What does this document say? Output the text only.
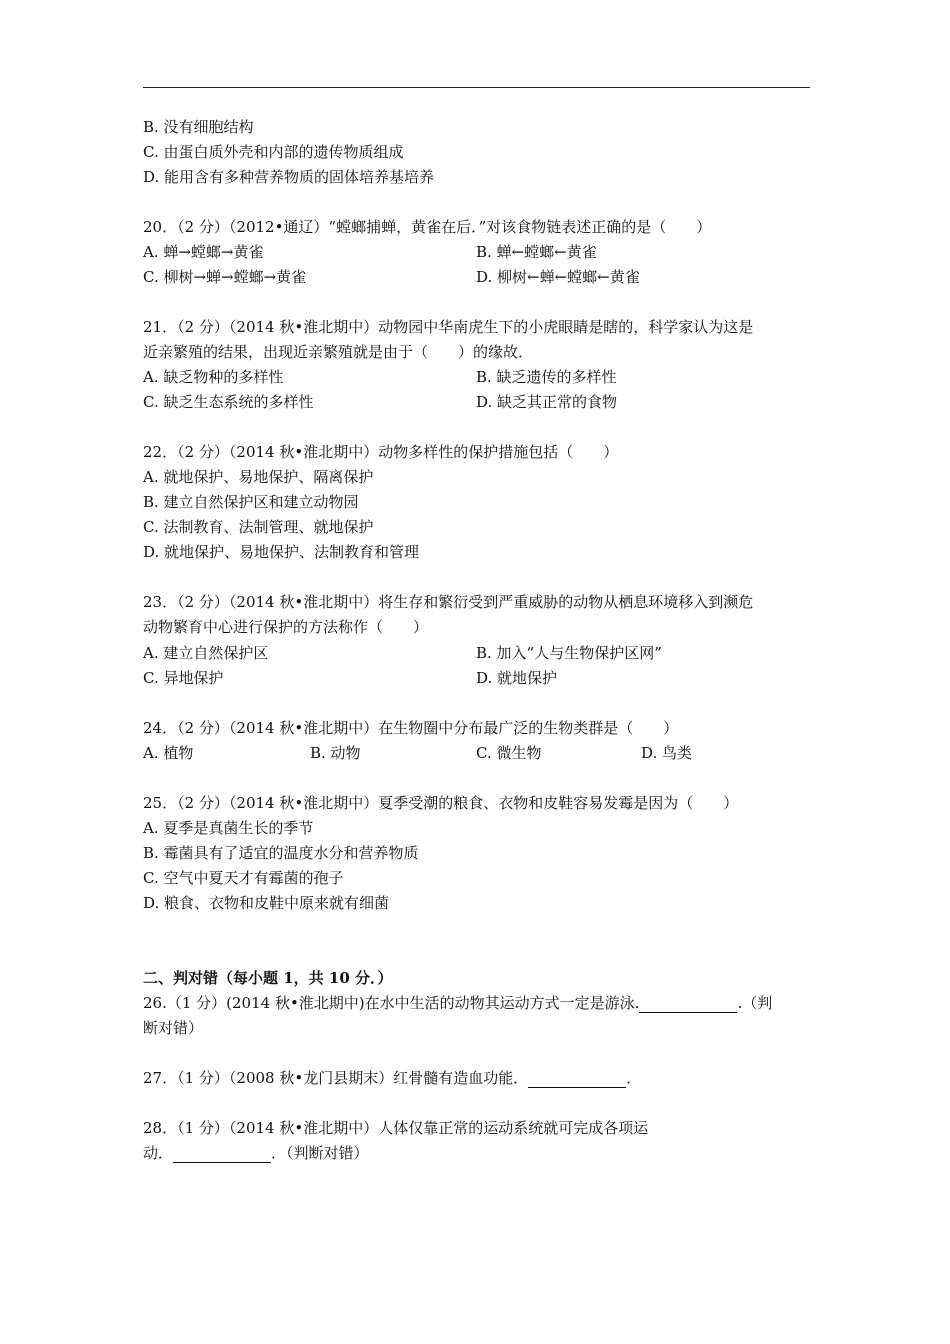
B. 没有细胞结构
C. 由蛋白质外壳和内部的遗传物质组成
D. 能用含有多种营养物质的固体培养基培养
20．（2 分）（2012•通辽）“螳螂捕蝉，黄雀在后．”对该食物链表述正确的是（　　）
A. 蝉→螳螂→黄雀	B. 蝉←螳螂←黄雀
C. 柳树→蝉→螳螂→黄雀	D. 柳树←蝉←螳螂←黄雀
21．（2 分）（2014 秋•淮北期中）动物园中华南虎生下的小虎眼睛是瞎的，科学家认为这是
近亲繁殖的结果，出现近亲繁殖就是由于（　　）的缘故．
A. 缺乏物种的多样性	B. 缺乏遗传的多样性
C. 缺乏生态系统的多样性	D. 缺乏其正常的食物
22．（2 分）（2014 秋•淮北期中）动物多样性的保护措施包括（　　）
A. 就地保护、易地保护、隔离保护
B. 建立自然保护区和建立动物园
C. 法制教育、法制管理、就地保护
D. 就地保护、易地保护、法制教育和管理
23．（2 分）（2014 秋•淮北期中）将生存和繁衍受到严重威胁的动物从栖息环境移入到濒危
动物繁育中心进行保护的方法称作（　　）
A. 建立自然保护区	B. 加入“人与生物保护区网”
C. 异地保护	D. 就地保护
24．（2 分）（2014 秋•淮北期中）在生物圈中分布最广泛的生物类群是（　　）
A. 植物	B. 动物	C. 微生物	D. 鸟类
25．（2 分）（2014 秋•淮北期中）夏季受潮的粮食、衣物和皮鞋容易发霉是因为（　　）
A. 夏季是真菌生长的季节
B. 霉菌具有了适宜的温度水分和营养物质
C. 空气中夏天才有霉菌的孢子
D. 粮食、衣物和皮鞋中原来就有细菌
二、判对错（每小题 1，共 10 分．）
26.（1 分）(2014 秋•淮北期中)在水中生活的动物其运动方式一定是游泳.	.（判
断对错）
27．（1 分）（2008 秋•龙门县期末）红骨髓有造血功能．	．
28．（1 分）（2014 秋•淮北期中）人体仅靠正常的运动系统就可完成各项运
动．	．（判断对错）
